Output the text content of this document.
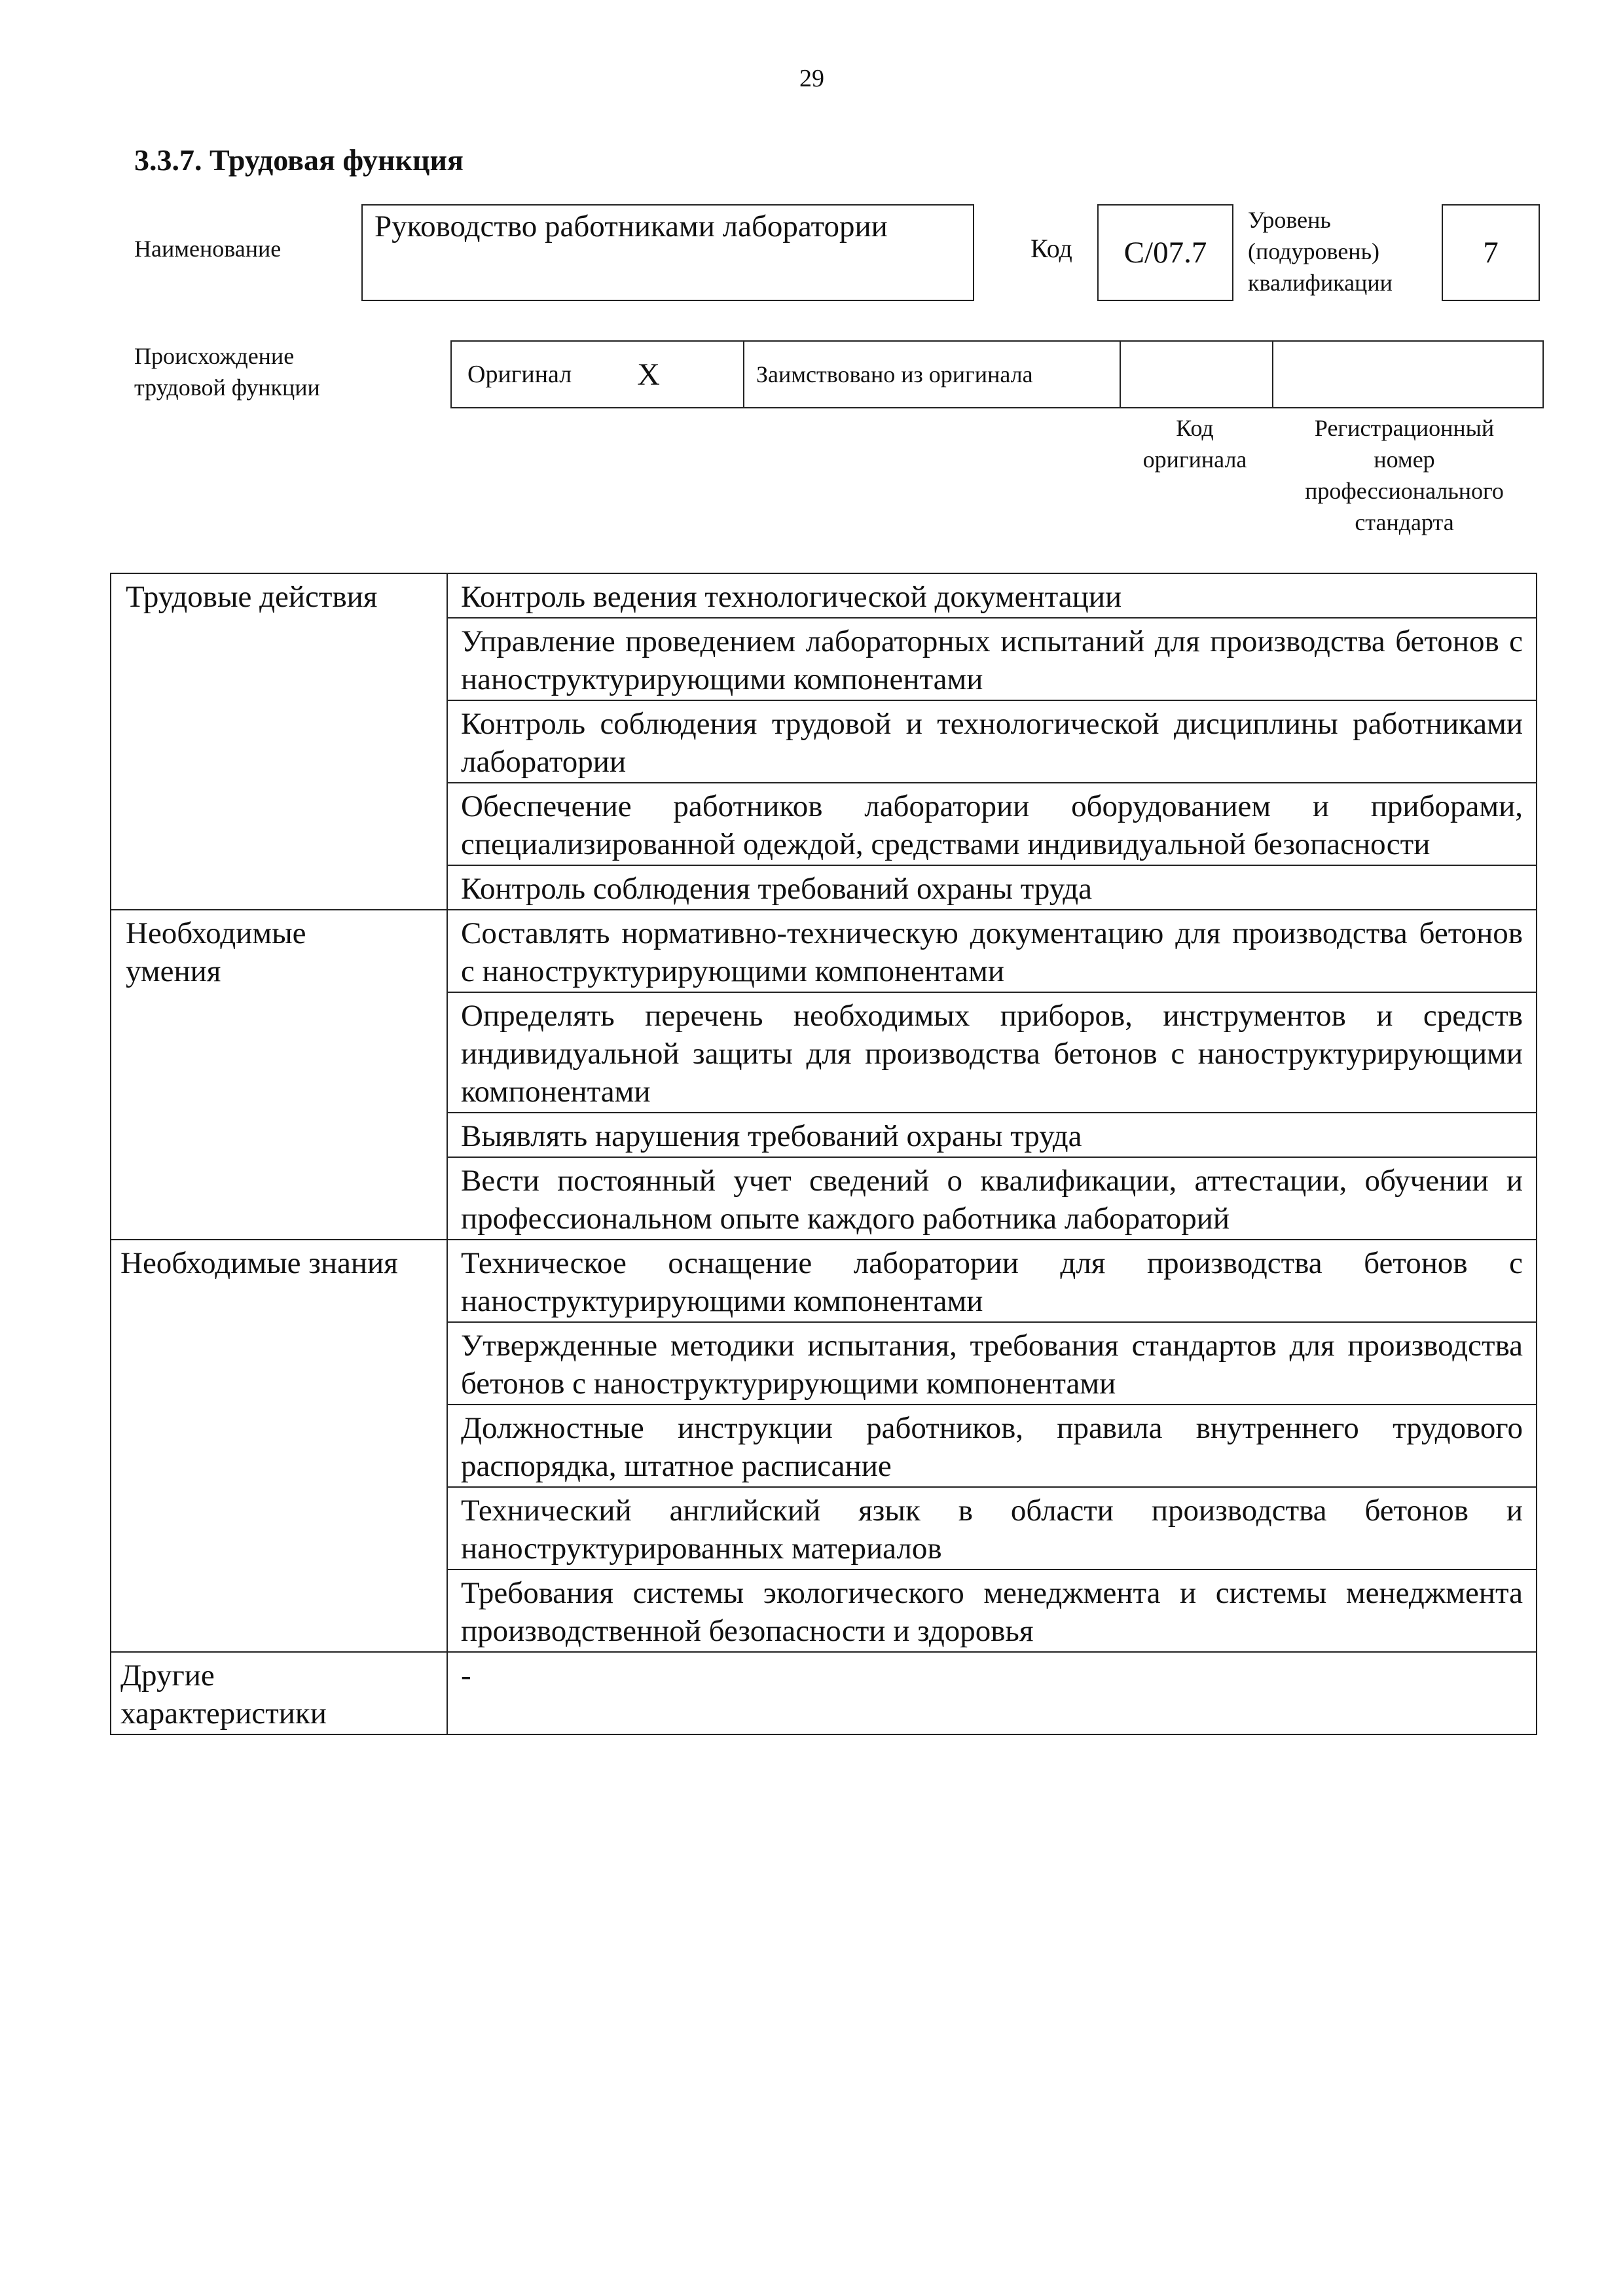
29
3.3.7. Трудовая функция
Наименование
Руководство работниками лаборатории
Код C/07.7
Уровень
(подуровень)
квалификации
7
Происхождение
трудовой функции	Оригинал X	Заимствовано из оригинала
Код
оригинала
Регистрационный
номер
профессионального
стандарта
Трудовые действия	Контроль ведения технологической документации
	Управление проведением лабораторных испытаний для производства бетонов с наноструктурирующими компонентами
	Контроль соблюдения трудовой и технологической дисциплины работниками лаборатории
	Обеспечение работников лаборатории оборудованием и приборами, специализированной одеждой, средствами индивидуальной безопасности
	Контроль соблюдения требований охраны труда

Необходимые
умения	Составлять нормативно-техническую документацию для производства бетонов с наноструктурирующими компонентами
	Определять перечень необходимых приборов, инструментов и средств индивидуальной защиты для производства бетонов с наноструктурирующими компонентами
	Выявлять нарушения требований охраны труда
	Вести постоянный учет сведений о квалификации, аттестации, обучении и профессиональном опыте каждого работника лабораторий
Необходимые знания	Техническое оснащение лаборатории для производства бетонов с наноструктурирующими компонентами
	Утвержденные методики испытания, требования стандартов для производства бетонов с наноструктурирующими компонентами
	Должностные инструкции работников, правила внутреннего трудового распорядка, штатное расписание
	Технический английский язык в области производства бетонов и наноструктурированных материалов
	Требования системы экологического менеджмента и системы менеджмента производственной безопасности и здоровья

Другие
характеристики	-
